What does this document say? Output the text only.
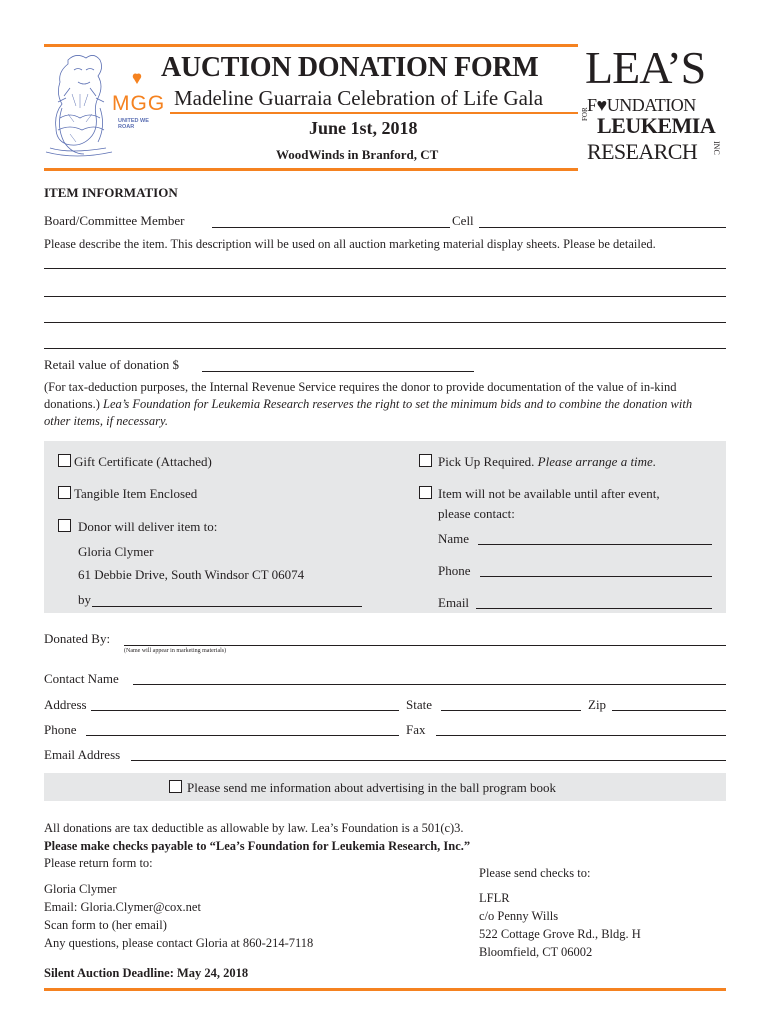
MGG
UNITED WE ROAR
AUCTION DONATION FORM
Madeline Guarraia Celebration of Life Gala
June 1st, 2018
WoodWinds in Branford, CT
LEA’S
F♥UNDATION
FOR LEUKEMIA
RESEARCH INC
ITEM INFORMATION
Board/Committee Member	Cell
Please describe the item. This description will be used on all auction marketing material display sheets. Please be detailed.
Retail value of donation $
(For tax-deduction purposes, the Internal Revenue Service requires the donor to provide documentation of the value of in-kind
donations.) Lea’s Foundation for Leukemia Research reserves the right to set the minimum bids and to combine the donation with
other items, if necessary.
Gift Certificate (Attached)
Tangible Item Enclosed
Donor will deliver item to:
Gloria Clymer
61 Debbie Drive, South Windsor CT 06074
by
Pick Up Required. Please arrange a time.
Item will not be available until after event,
please contact:
Name
Phone
Email
Donated By:
(Name will appear in marketing materials)
Contact Name
Address	State	Zip
Phone	Fax
Email Address
Please send me information about advertising in the ball program book
All donations are tax deductible as allowable by law. Lea’s Foundation is a 501(c)3.
Please make checks payable to “Lea’s Foundation for Leukemia Research, Inc.”
Please return form to:
Gloria Clymer
Email: Gloria.Clymer@cox.net
Scan form to (her email)
Any questions, please contact Gloria at 860-214-7118
Please send checks to:
LFLR
c/o Penny Wills
522 Cottage Grove Rd., Bldg. H
Bloomfield, CT 06002
Silent Auction Deadline: May 24, 2018
